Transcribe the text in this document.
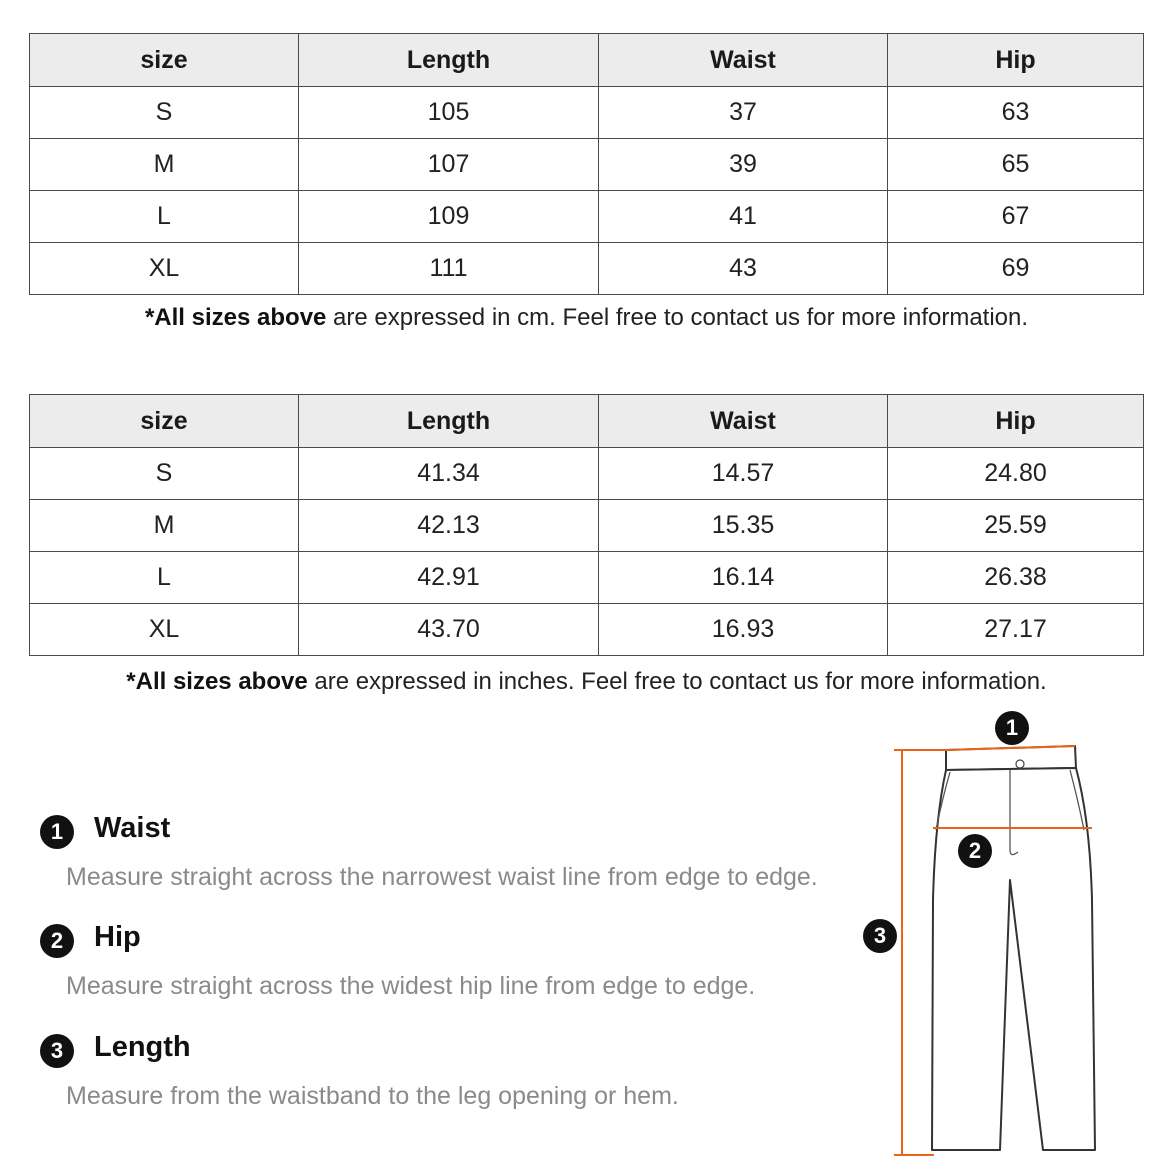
size	Length	Waist	Hip
S	105	37	63
M	107	39	65
L	109	41	67
XL	111	43	69
*All sizes above are expressed in cm. Feel free to contact us for more information.
size	Length	Waist	Hip
S	41.34	14.57	24.80
M	42.13	15.35	25.59
L	42.91	16.14	26.38
XL	43.70	16.93	27.17
*All sizes above are expressed in inches. Feel free to contact us for more information.
1	Waist
Measure straight across the narrowest waist line from edge to edge.
2	Hip
Measure straight across the widest hip line from edge to edge.
3	Length
Measure from the waistband to the leg opening or hem.
1
2
3
